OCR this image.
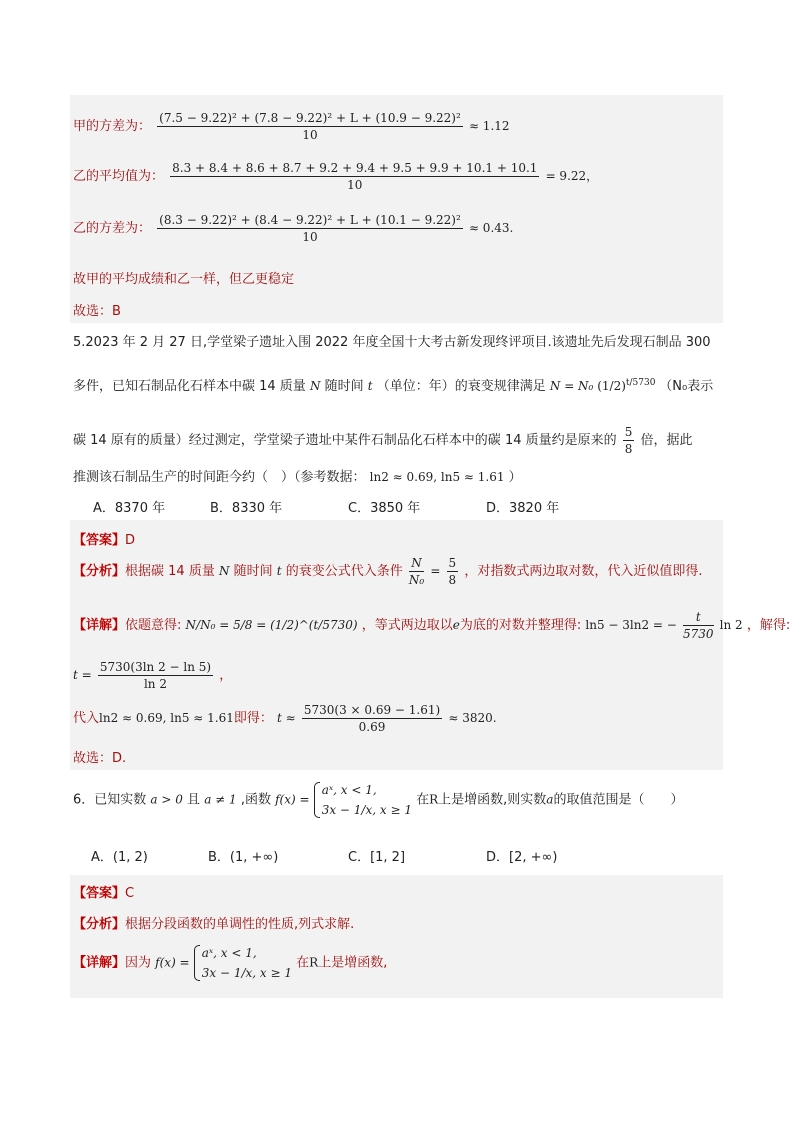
甲的方差为： $\frac{\text{(7.5 − 9.22)² + (7.8 − 9.22)² + L + (10.9 − 9.22)²}}{10} \approx 1.12$
乙的平均值为： $\frac{8.3 + 8.4 + 8.6 + 8.7 + 9.2 + 9.4 + 9.5 + 9.9 + 10.1 + 10.1}{10} = 9.22$，
乙的方差为： $\frac{\text{(8.3 − 9.22)² + (8.4 − 9.22)² + L + (10.1 − 9.22)²}}{10} \approx 0.43$.
故甲的平均成绩和乙一样，但乙更稳定
故选：B
5.2023 年 2 月 27 日,学堂梁子遗址入围 2022 年度全国十大考古新发现终评项目.该遗址先后发现石制品 300
多件，已知石制品化石样本中碳 14 质量 N 随时间 t （单位：年）的衰变规律满足 N = N₀ $(1/2)^{t/5730}$ （N₀表示
碳 14 原有的质量）经过测定，学堂梁子遗址中某件石制品化石样本中的碳 14 质量约是原来的 $\frac{5}{8}$ 倍，据此
推测该石制品生产的时间距今约（　）（参考数据： ln2 ≈ 0.69, ln5 ≈ 1.61 ）
A．8370 年	B．8330 年	C．3850 年	D．3820 年
【答案】D
【分析】根据碳 14 质量 N 随时间 t 的衰变公式代入条件 $\frac{N}{\text{N₀}} = \frac{5}{8}$ ，对指数式两边取对数，代入近似值即得.
【详解】依题意得: N/N₀ = 5/8 = (1/2)^(t/5730) ，等式两边取以e为底的对数并整理得: ln5 − 3ln2 = − $\frac{t}{5730}$ ln 2 ，解得:
$t = \frac{5730(3\ln 2 - \ln 5)}{\ln 2}$ ，
代入ln2 ≈ 0.69, ln5 ≈ 1.61即得： $t \approx \frac{5730(3 \times 0.69 - 1.61)}{0.69} \approx 3820$.
故选：D.
6．已知实数 a > 0 且 a ≠ 1 ,函数 f(x) =
aˣ, x < 1,
3x − 1/x, x ≥ 1
在R上是增函数,则实数a的取值范围是（　　）
A．(1, 2)	B．(1, +∞)	C．[1, 2]	D．[2, +∞)
【答案】C
【分析】根据分段函数的单调性的性质,列式求解.
【详解】因为 f(x) =
aˣ, x < 1,
3x − 1/x, x ≥ 1
在R上是增函数,
